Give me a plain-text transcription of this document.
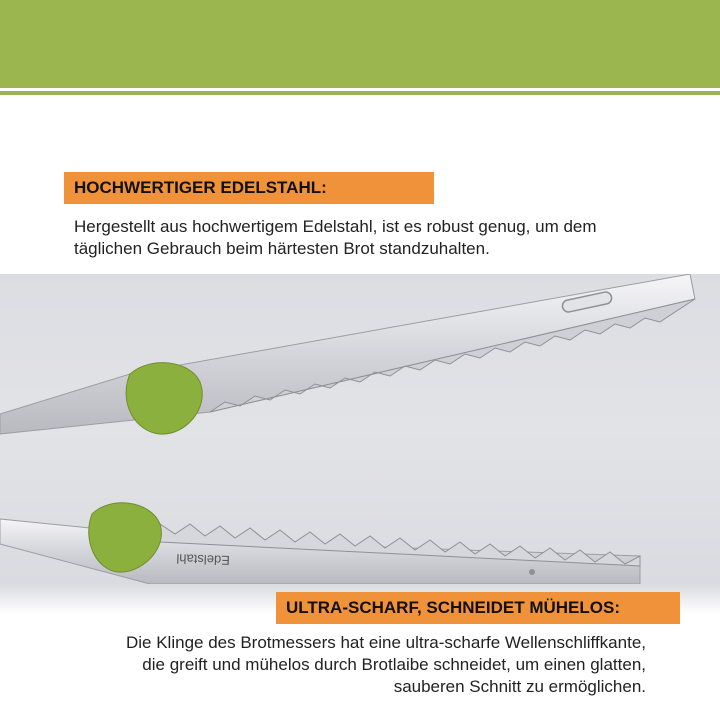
HOCHWERTIGER EDELSTAHL:
Hergestellt aus hochwertigem Edelstahl, ist es robust genug, um dem
täglichen Gebrauch beim härtesten Brot standzuhalten.
Edelstahl
ULTRA-SCHARF, SCHNEIDET MÜHELOS:
Die Klinge des Brotmessers hat eine ultra-scharfe Wellenschliffkante,
die greift und mühelos durch Brotlaibe schneidet, um einen glatten,
sauberen Schnitt zu ermöglichen.
